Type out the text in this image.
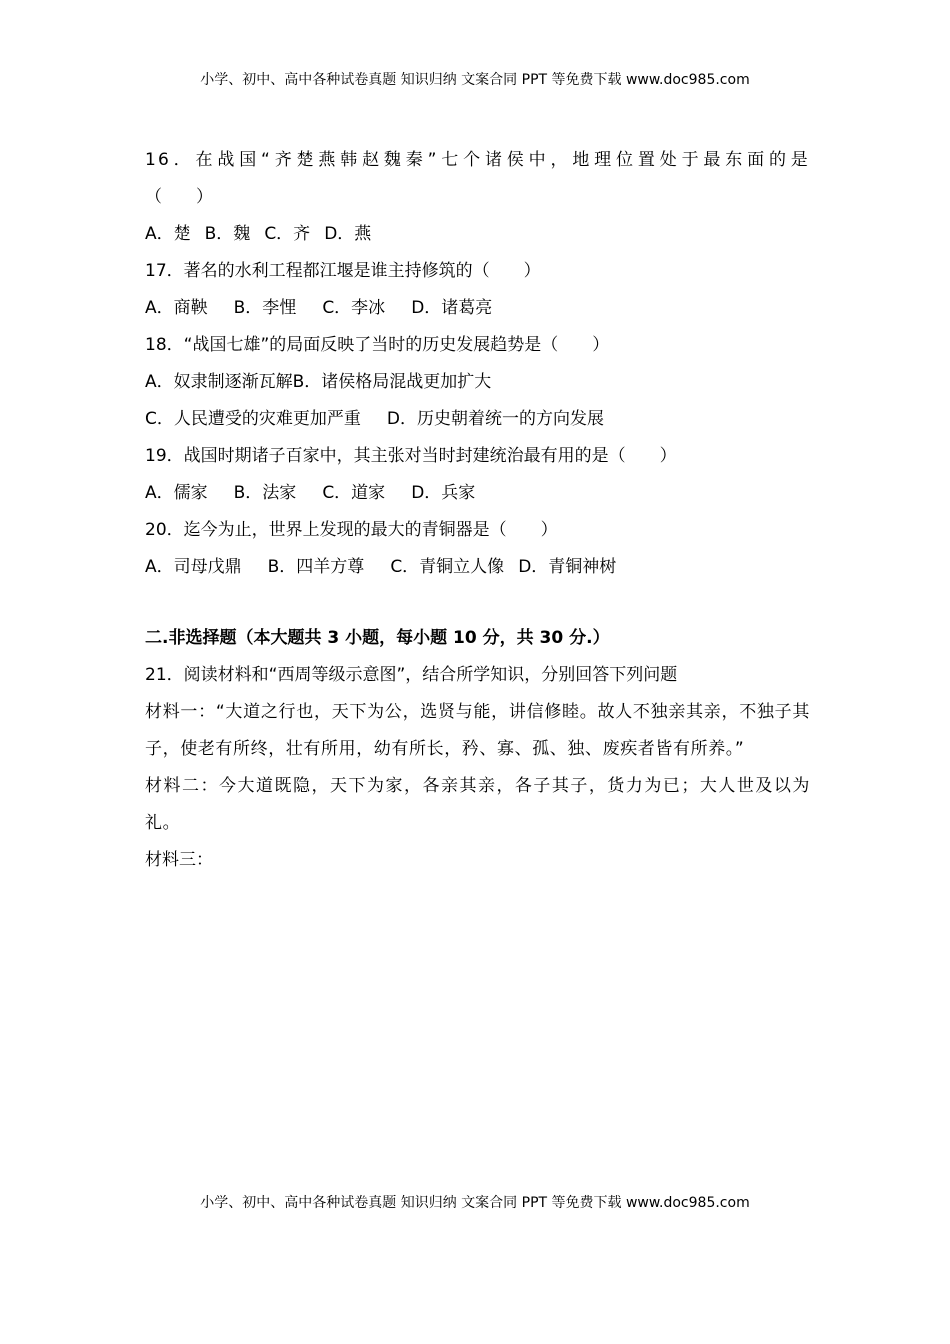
小学、初中、高中各种试卷真题 知识归纳 文案合同 PPT 等免费下载 www.doc985.com
16．在战国“齐楚燕韩赵魏秦”七个诸侯中，地理位置处于最东面的是
（　　）
A．楚 B．魏 C．齐 D．燕
17．著名的水利工程都江堰是谁主持修筑的（　　）
A．商鞅 B．李悝 C．李冰 D．诸葛亮
18．“战国七雄”的局面反映了当时的历史发展趋势是（　　）
A．奴隶制逐渐瓦解B．诸侯格局混战更加扩大
C．人民遭受的灾难更加严重 D．历史朝着统一的方向发展
19．战国时期诸子百家中，其主张对当时封建统治最有用的是（　　）
A．儒家 B．法家 C．道家 D．兵家
20．迄今为止，世界上发现的最大的青铜器是（　　）
A．司母戊鼎 B．四羊方尊 C．青铜立人像 D．青铜神树
二.非选择题（本大题共 3 小题，每小题 10 分，共 30 分.）
21．阅读材料和“西周等级示意图”，结合所学知识，分别回答下列问题
材料一：“大道之行也，天下为公，选贤与能，讲信修睦。故人不独亲其亲，不独子其子，使老有所终，壮有所用，幼有所长，矜、寡、孤、独、废疾者皆有所养。”
材料二：今大道既隐，天下为家，各亲其亲，各子其子，货力为已；大人世及以为礼。
材料三：
小学、初中、高中各种试卷真题 知识归纳 文案合同 PPT 等免费下载 www.doc985.com
